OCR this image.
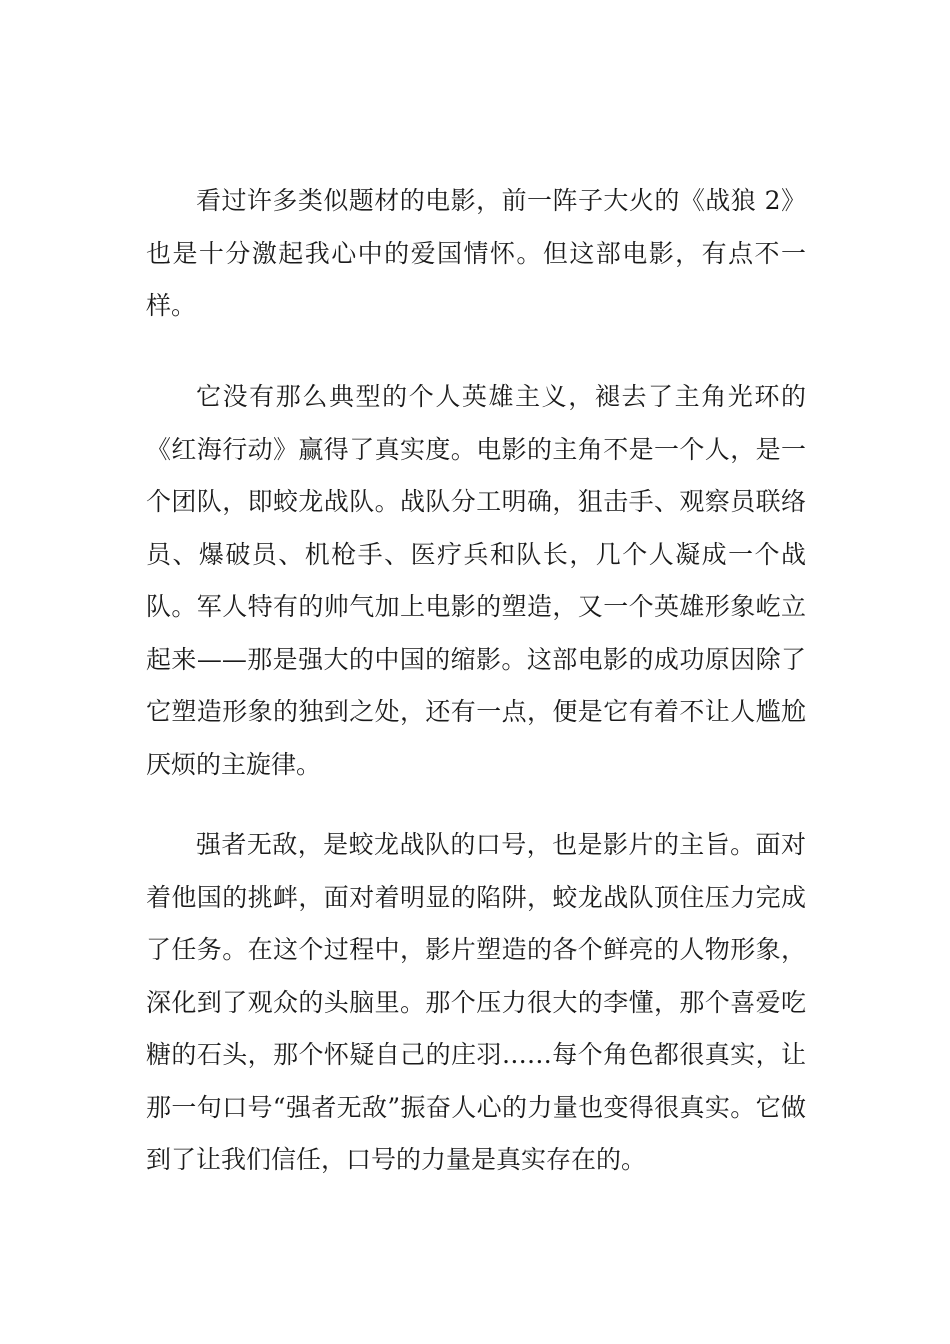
看过许多类似题材的电影，前一阵子大火的《战狼 2》也是十分激起我心中的爱国情怀。但这部电影，有点不一样。

它没有那么典型的个人英雄主义，褪去了主角光环的《红海行动》赢得了真实度。电影的主角不是一个人，是一个团队，即蛟龙战队。战队分工明确，狙击手、观察员联络员、爆破员、机枪手、医疗兵和队长，几个人凝成一个战队。军人特有的帅气加上电影的塑造，又一个英雄形象屹立起来——那是强大的中国的缩影。这部电影的成功原因除了它塑造形象的独到之处，还有一点，便是它有着不让人尴尬厌烦的主旋律。

强者无敌，是蛟龙战队的口号，也是影片的主旨。面对着他国的挑衅，面对着明显的陷阱，蛟龙战队顶住压力完成了任务。在这个过程中，影片塑造的各个鲜亮的人物形象，深化到了观众的头脑里。那个压力很大的李懂，那个喜爱吃糖的石头，那个怀疑自己的庄羽……每个角色都很真实，让那一句口号“强者无敌”振奋人心的力量也变得很真实。它做到了让我们信任，口号的力量是真实存在的。
